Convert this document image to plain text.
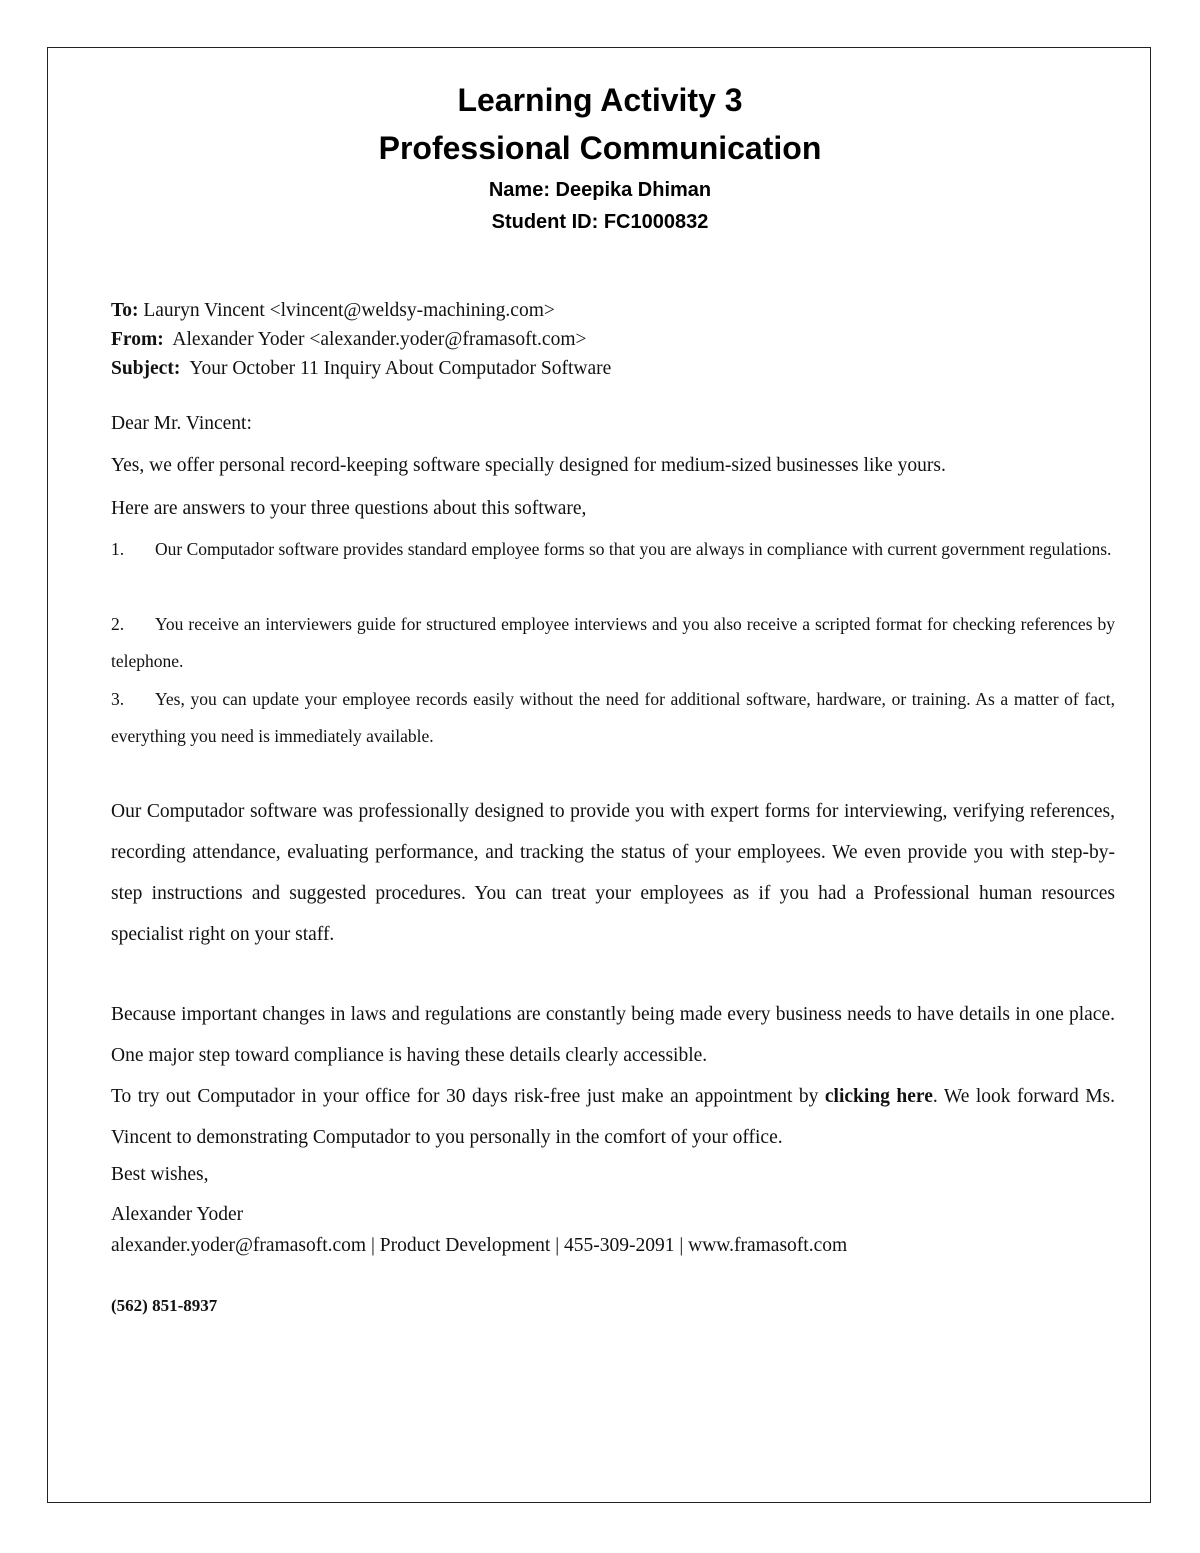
Learning Activity 3
Professional Communication
Name: Deepika Dhiman
Student ID: FC1000832

To: Lauryn Vincent <lvincent@weldsy-machining.com>

From:  Alexander Yoder <alexander.yoder@framasoft.com>

Subject:  Your October 11 Inquiry About Computador Software

Dear Mr. Vincent:
Yes, we offer personal record-keeping software specially designed for medium-sized businesses like yours.
Here are answers to your three questions about this software,
1. Our Computador software provides standard employee forms so that you are always in compliance with current government regulations.
2. You receive an interviewers guide for structured employee interviews and you also receive a scripted format for checking references by telephone.
3. Yes, you can update your employee records easily without the need for additional software, hardware, or training. As a matter of fact, everything you need is immediately available.
Our Computador software was professionally designed to provide you with expert forms for interviewing, verifying references, recording attendance, evaluating performance, and tracking the status of your employees. We even provide you with step-by-step instructions and suggested procedures. You can treat your employees as if you had a Professional human resources specialist right on your staff.
Because important changes in laws and regulations are constantly being made every business needs to have details in one place. One major step toward compliance is having these details clearly accessible.
To try out Computador in your office for 30 days risk-free just make an appointment by clicking here. We look forward Ms. Vincent to demonstrating Computador to you personally in the comfort of your office.
Best wishes,
Alexander Yoder
alexander.yoder@framasoft.com | Product Development | 455-309-2091 | www.framasoft.com
(562) 851-8937
